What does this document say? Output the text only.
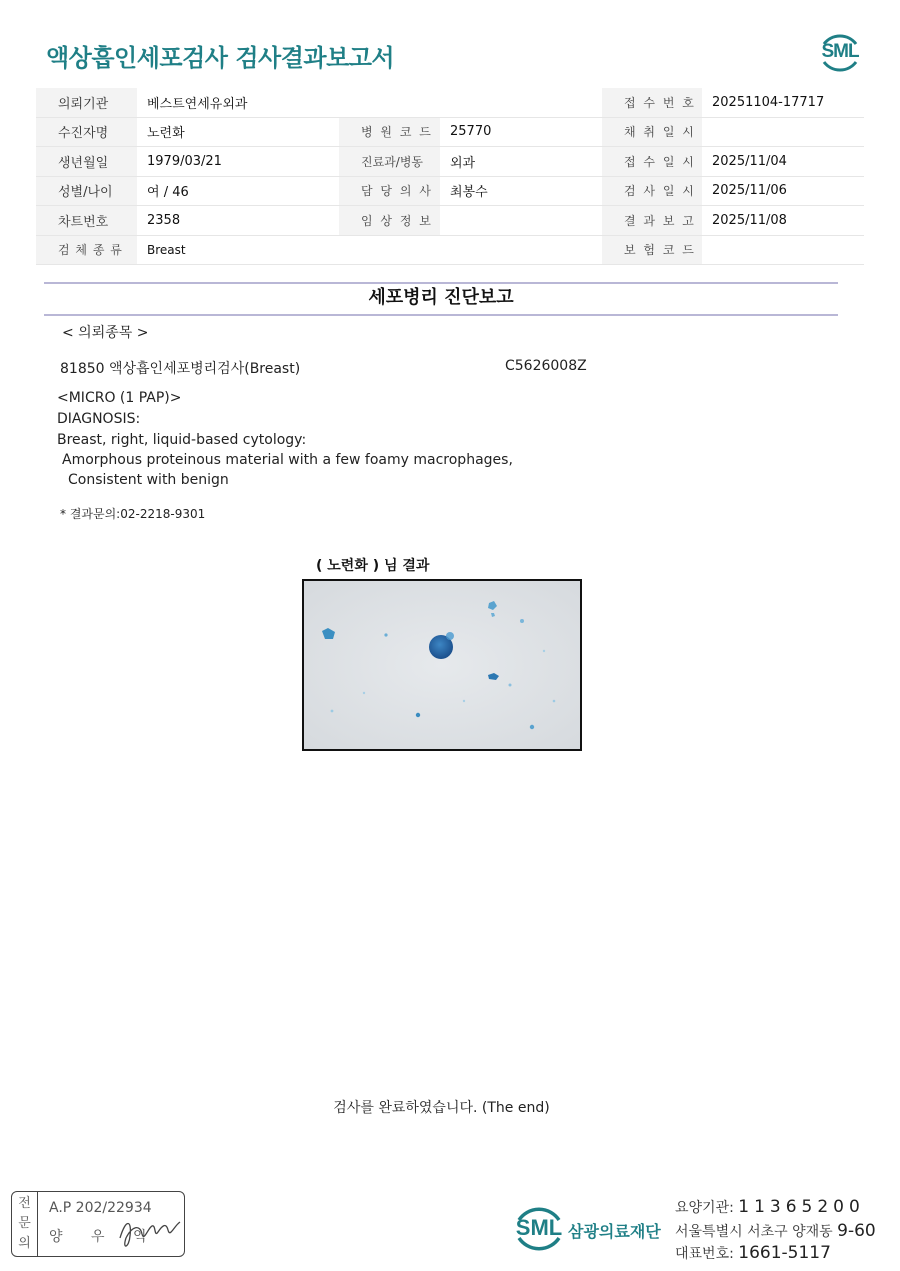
액상흡인세포검사 검사결과보고서	SML
의뢰기관	베스트연세유외과			접 수 번 호	20251104-17717
수진자명	노련화	병 원 코 드	25770	채 취 일 시	
생년월일	1979/03/21	진료과/병동	외과	접 수 일 시	2025/11/04
성별/나이	여 / 46	담 당 의 사	최봉수	검 사 일 시	2025/11/06
차트번호	2358	임 상 정 보		결 과 보 고	2025/11/08
검 체 종 류	Breast			보 험 코 드	
세포병리 진단보고
< 의뢰종목 >
81850 액상흡인세포병리검사(Breast)	C5626008Z
<MICRO (1 PAP)>
DIAGNOSIS:
Breast, right, liquid-based cytology:
Amorphous proteinous material with a few foamy macrophages,
Consistent with benign
* 결과문의:02-2218-9301
( 노련화 ) 님 결과
검사를 완료하였습니다. (The end)
전문의
A.P 202/22934
양 우 익	SML 삼광의료재단
요양기관: 11365200
서울특별시 서초구 양재동 9-60
대표번호: 1661-5117
